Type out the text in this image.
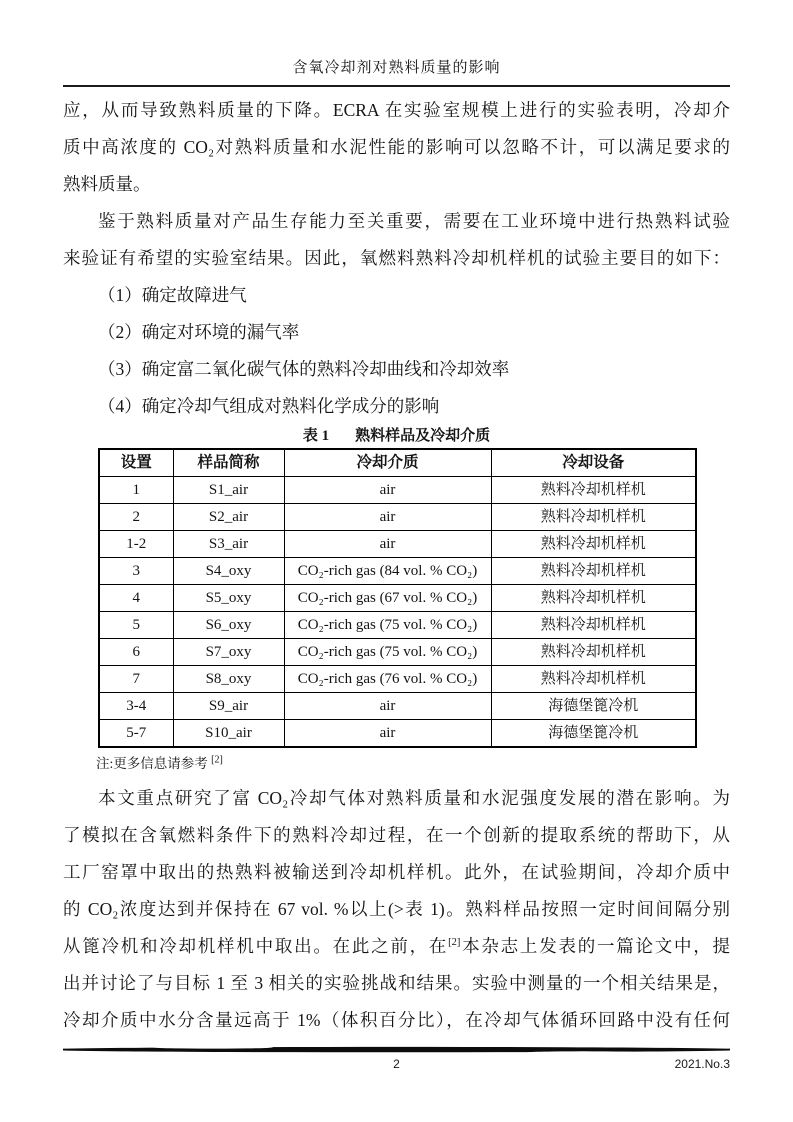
含氧冷却剂对熟料质量的影响
应，从而导致熟料质量的下降。ECRA 在实验室规模上进行的实验表明，冷却介
质中高浓度的 CO₂对熟料质量和水泥性能的影响可以忽略不计，可以满足要求的
熟料质量。
鉴于熟料质量对产品生存能力至关重要，需要在工业环境中进行热熟料试验
来验证有希望的实验室结果。因此，氧燃料熟料冷却机样机的试验主要目的如下：
（1）确定故障进气
（2）确定对环境的漏气率
（3）确定富二氧化碳气体的熟料冷却曲线和冷却效率
（4）确定冷却气组成对熟料化学成分的影响
表 1 熟料样品及冷却介质
设置	样品简称	冷却介质	冷却设备
1	S1_air	air	熟料冷却机样机
2	S2_air	air	熟料冷却机样机
1-2	S3_air	air	熟料冷却机样机
3	S4_oxy	CO₂-rich gas (84 vol. % CO₂)	熟料冷却机样机
4	S5_oxy	CO₂-rich gas (67 vol. % CO₂)	熟料冷却机样机
5	S6_oxy	CO₂-rich gas (75 vol. % CO₂)	熟料冷却机样机
6	S7_oxy	CO₂-rich gas (75 vol. % CO₂)	熟料冷却机样机
7	S8_oxy	CO₂-rich gas (76 vol. % CO₂)	熟料冷却机样机
3-4	S9_air	air	海德堡篦冷机
5-7	S10_air	air	海德堡篦冷机
注:更多信息请参考 [2]
本文重点研究了富 CO₂冷却气体对熟料质量和水泥强度发展的潜在影响。为
了模拟在含氧燃料条件下的熟料冷却过程，在一个创新的提取系统的帮助下，从
工厂窑罩中取出的热熟料被输送到冷却机样机。此外，在试验期间，冷却介质中
的 CO₂浓度达到并保持在 67 vol. %以上(>表 1)。熟料样品按照一定时间间隔分别
从篦冷机和冷却机样机中取出。在此之前，在[2]本杂志上发表的一篇论文中，提
出并讨论了与目标 1 至 3 相关的实验挑战和结果。实验中测量的一个相关结果是，
冷却介质中水分含量远高于 1%（体积百分比），在冷却气体循环回路中没有任何
2	2021.No.3
